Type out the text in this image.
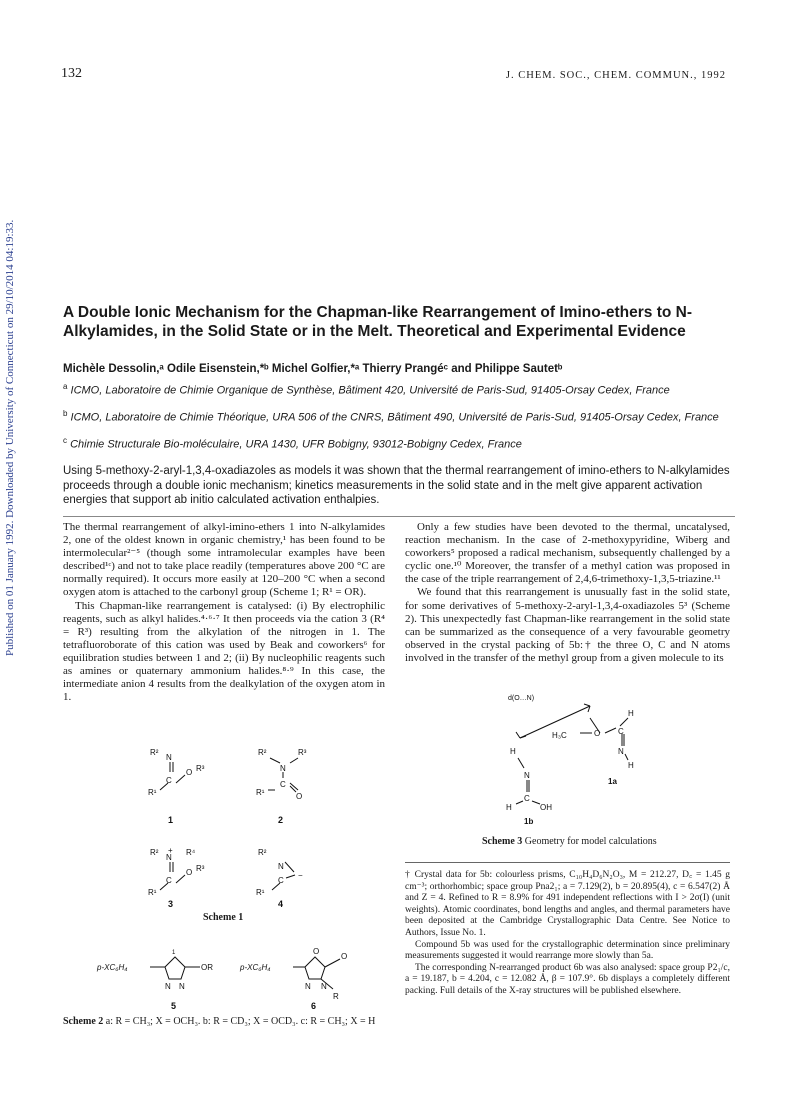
132	J. CHEM. SOC., CHEM. COMMUN., 1992
Published on 01 January 1992. Downloaded by University of Connecticut on 29/10/2014 04:19:33.	A Double Ionic Mechanism for the Chapman-like Rearrangement of Imino-ethers to N-Alkylamides, in the Solid State or in the Melt. Theoretical and Experimental Evidence
Michèle Dessolin,ᵃ Odile Eisenstein,*ᵇ Michel Golfier,*ᵃ Thierry Prangéᶜ and Philippe Sautetᵇ
$^a$ ICMO, Laboratoire de Chimie Organique de Synthèse, Bâtiment 420, Université de Paris-Sud, 91405-Orsay Cedex, France
$^b$ ICMO, Laboratoire de Chimie Théorique, URA 506 of the CNRS, Bâtiment 490, Université de Paris-Sud, 91405-Orsay Cedex, France
$^c$ Chimie Structurale Bio-moléculaire, URA 1430, UFR Bobigny, 93012-Bobigny Cedex, France
Using 5-methoxy-2-aryl-1,3,4-oxadiazoles as models it was shown that the thermal rearrangement of imino-ethers to N-alkylamides proceeds through a double ionic mechanism; kinetics measurements in the solid state and in the melt give apparent activation energies that support ab initio calculated activation enthalpies.

The thermal rearrangement of alkyl-imino-ethers 1 into N-alkylamides 2, one of the oldest known in organic chemistry,¹ has been found to be intermolecular²⁻⁵ (though some intramolecular examples have been described¹ᶜ) and not to take place readily (temperatures above 200 °C are normally required). It occurs more easily at 120–200 °C when a second oxygen atom is attached to the carbonyl group (Scheme 1; R¹ = OR).

This Chapman-like rearrangement is catalysed: (i) By electrophilic reagents, such as alkyl halides.⁴·⁶·⁷ It then proceeds via the cation 3 (R⁴ = R³) resulting from the alkylation of the nitrogen in 1. The tetrafluoroborate of this cation was used by Beak and coworkers⁶ for equilibration studies between 1 and 2; (ii) By nucleophilic reagents such as amines or quaternary ammonium halides.⁸·⁹ In this case, the intermediate anion 4 results from the dealkylation of the oxygen atom in 1.

Only a few studies have been devoted to the thermal, uncatalysed, reaction mechanism. In the case of 2-methoxypyridine, Wiberg and coworkers⁵ proposed a radical mechanism, subsequently challenged by a cyclic one.¹⁰ Moreover, the transfer of a methyl cation was proposed in the case of the triple rearrangement of 2,4,6-trimethoxy-1,3,5-triazine.¹¹

We found that this rearrangement is unusually fast in the solid state, for some derivatives of 5-methoxy-2-aryl-1,3,4-oxadiazoles 5³ (Scheme 2). This unexpectedly fast Chapman-like rearrangement in the solid state can be summarized as the consequence of a very favourable geometry observed in the crystal packing of 5b:† the three O, C and N atoms involved in the transfer of the methyl group from a given molecule to its

R²
N
C
R¹
O R³
1
R²
N
R³
C
R¹	O
2
R² +
N
R⁴
C
R¹
O R³
3
R²
N
C
R¹
−
4
Scheme 1
p-XC₆H₄
1
OR
N N
5
p-XC₆H₄
O
O
N N
R
6
Scheme 2 a: R = CH₃; X = OCH₃. b: R = CD₃; X = OCD₃. c: R = CH₃; X = H
d(O…N)
H₃C	O C
H
N
H
1a
H
N
C
H	OH
1b
Scheme 3 Geometry for model calculations

† Crystal data for 5b: colourless prisms, C₁₀H₄D₆N₂O₃, M = 212.27, D꜀ = 1.45 g cm⁻³; orthorhombic; space group Pna2₁; a = 7.129(2), b = 20.895(4), c = 6.547(2) Å and Z = 4. Refined to R = 8.9% for 491 independent reflections with I > 2σ(I) (unit weights). Atomic coordinates, bond lengths and angles, and thermal parameters have been deposited at the Cambridge Crystallographic Data Centre. See Notice to Authors, Issue No. 1.

Compound 5b was used for the crystallographic determination since preliminary measurements suggested it would rearrange more slowly than 5a.

The corresponding N-rearranged product 6b was also analysed: space group P2₁/c, a = 19.187, b = 4.204, c = 12.082 Å, β = 107.9°. 6b displays a completely different packing. Full details of the X-ray structures will be published elsewhere.
